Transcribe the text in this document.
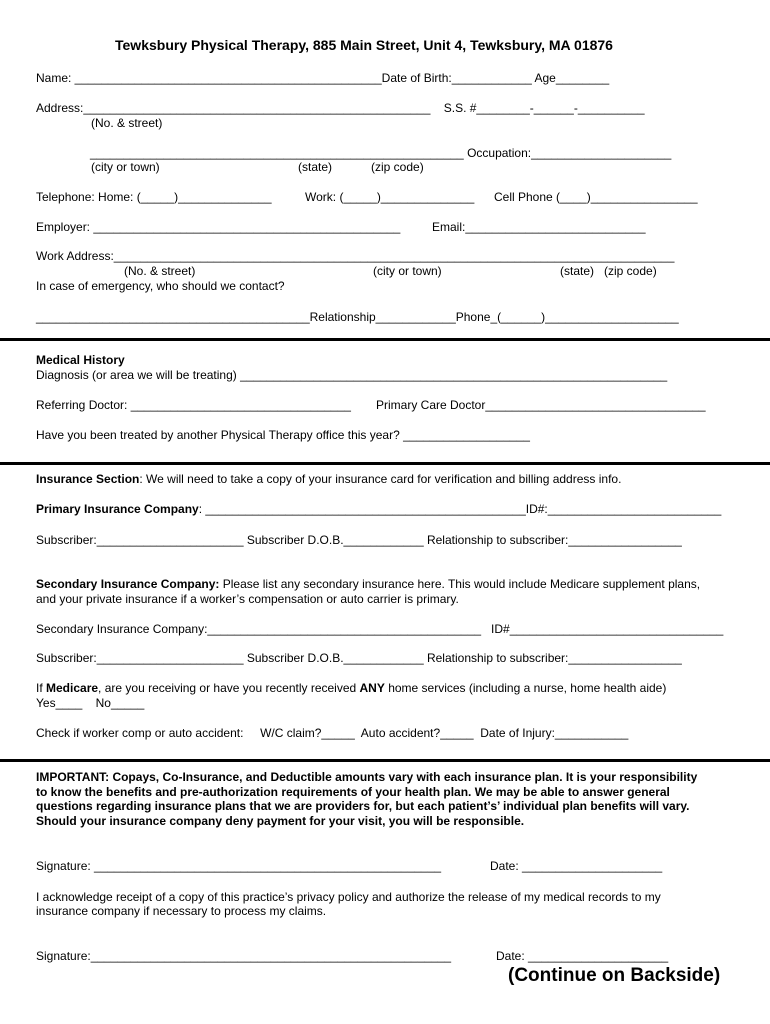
Tewksbury Physical Therapy, 885 Main Street, Unit 4, Tewksbury, MA 01876
Name: ______________________________________________Date of Birth:____________ Age________
Address:____________________________________________________    S.S. #________-______-__________
(No. & street)
________________________________________________________ Occupation:_____________________
(city or town)	(state)	(zip code)
Telephone: Home: (_____)______________	Work: (_____)______________ Cell Phone (____)________________
Employer: ______________________________________________	Email:___________________________
Work Address:____________________________________________________________________________________
(No. & street)	(city or town)	(state)   (zip code)
In case of emergency, who should we contact?
_________________________________________Relationship____________Phone_(______)____________________
Medical History
Diagnosis (or area we will be treating) ________________________________________________________________
Referring Doctor: _________________________________ Primary Care Doctor_________________________________
Have you been treated by another Physical Therapy office this year? ___________________
Insurance Section: We will need to take a copy of your insurance card for verification and billing address info.
Primary Insurance Company: ________________________________________________ID#:__________________________
Subscriber:______________________ Subscriber D.O.B.____________ Relationship to subscriber:_________________
Secondary Insurance Company: Please list any secondary insurance here. This would include Medicare supplement plans,
and your private insurance if a worker’s compensation or auto carrier is primary.
Secondary Insurance Company:_________________________________________   ID#________________________________
Subscriber:______________________ Subscriber D.O.B.____________ Relationship to subscriber:_________________
If Medicare, are you receiving or have you recently received ANY home services (including a nurse, home health aide)
Yes____    No_____
Check if worker comp or auto accident:     W/C claim?_____  Auto accident?_____  Date of Injury:___________
IMPORTANT: Copays, Co-Insurance, and Deductible amounts vary with each insurance plan. It is your responsibility
to know the benefits and pre-authorization requirements of your health plan. We may be able to answer general
questions regarding insurance plans that we are providers for, but each patient’s’ individual plan benefits will vary.
Should your insurance company deny payment for your visit, you will be responsible.
Signature: ____________________________________________________	Date: _____________________
I acknowledge receipt of a copy of this practice’s privacy policy and authorize the release of my medical records to my
insurance company if necessary to process my claims.
Signature:______________________________________________________	Date: _____________________
(Continue on Backside)
